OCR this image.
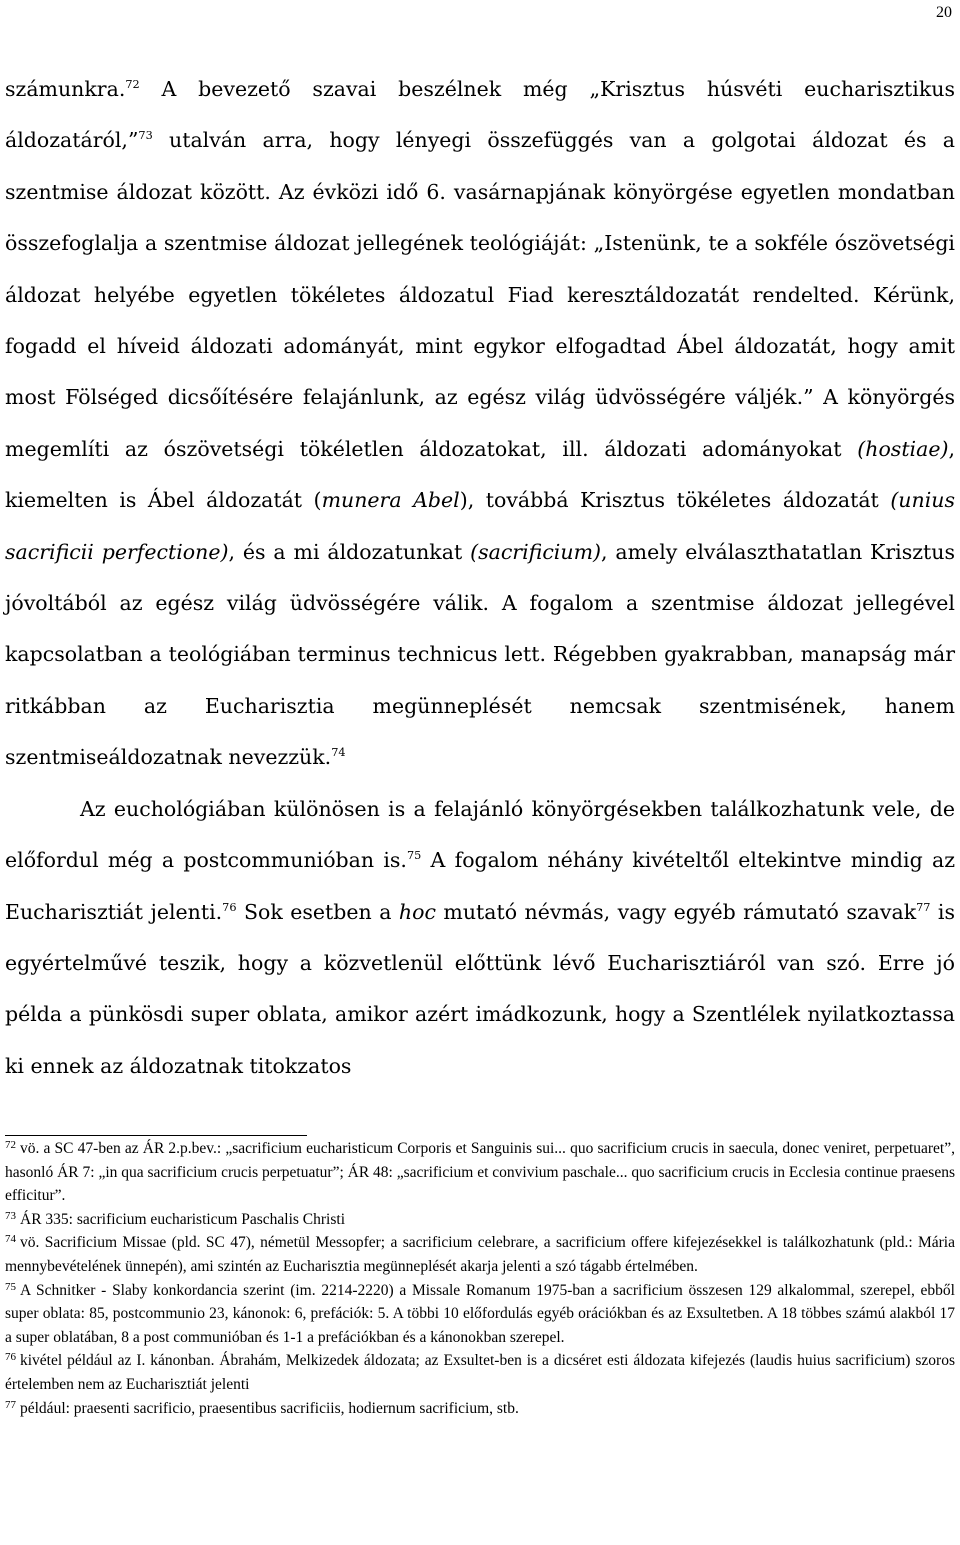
20

számunkra.$^{72}$ A bevezető szavai beszélnek még „Krisztus húsvéti eucharisztikus áldozatáról,”$^{73}$ utalván arra, hogy lényegi összefüggés van a golgotai áldozat és a szentmise áldozat között. Az évközi idő 6. vasárnapjának könyörgése egyetlen mondatban összefoglalja a szentmise áldozat jellegének teológiáját: „Istenünk, te a sokféle ószövetségi áldozat helyébe egyetlen tökéletes áldozatul Fiad keresztáldozatát rendelted. Kérünk, fogadd el híveid áldozati adományát, mint egykor elfogadtad Ábel áldozatát, hogy amit most Fölséged dicsőítésére felajánlunk, az egész világ üdvösségére váljék.” A könyörgés megemlíti az ószövetségi tökéletlen áldozatokat, ill. áldozati adományokat (hostiae), kiemelten is Ábel áldozatát (munera Abel), továbbá Krisztus tökéletes áldozatát (unius sacrificii perfectione), és a mi áldozatunkat (sacrificium), amely elválaszthatatlan Krisztus jóvoltából az egész világ üdvösségére válik. A fogalom a szentmise áldozat jellegével kapcsolatban a teológiában terminus technicus lett. Régebben gyakrabban, manapság már ritkábban az Eucharisztia megünneplését nemcsak szentmisének, hanem szentmiseáldozatnak nevezzük.$^{74}$

Az euchológiában különösen is a felajánló könyörgésekben találkozhatunk vele, de előfordul még a postcommunióban is.$^{75}$ A fogalom néhány kivételtől eltekintve mindig az Eucharisztiát jelenti.$^{76}$ Sok esetben a hoc mutató névmás, vagy egyéb rámutató szavak$^{77}$ is egyértelművé teszik, hogy a közvetlenül előttünk lévő Eucharisztiáról van szó. Erre jó példa a pünkösdi super oblata, amikor azért imádkozunk, hogy a Szentlélek nyilatkoztassa ki ennek az áldozatnak titokzatos

$^{72}$ vö. a SC 47-ben az ÁR 2.p.bev.: „sacrificium eucharisticum Corporis et Sanguinis sui... quo sacrificium crucis in saecula, donec veniret, perpetuaret”, hasonló ÁR 7: „in qua sacrificium crucis perpetuatur”; ÁR 48: „sacrificium et convivium paschale... quo sacrificium crucis in Ecclesia continue praesens efficitur”.

$^{73}$ ÁR 335: sacrificium eucharisticum Paschalis Christi

$^{74}$ vö. Sacrificium Missae (pld. SC 47), németül Messopfer; a sacrificium celebrare, a sacrificium offere kifejezésekkel is találkozhatunk (pld.: Mária mennybevételének ünnepén), ami szintén az Eucharisztia megünneplését akarja jelenti a szó tágabb értelmében.

$^{75}$ A Schnitker - Slaby konkordancia szerint (im. 2214-2220) a Missale Romanum 1975-ban a sacrificium összesen 129 alkalommal, szerepel, ebből super oblata: 85, postcommunio 23, kánonok: 6, prefációk: 5. A többi 10 előfordulás egyéb orációkban és az Exsultetben. A 18 többes számú alakból 17 a super oblatában, 8 a post communióban és 1-1 a prefációkban és a kánonokban szerepel.

$^{76}$ kivétel például az I. kánonban. Ábrahám, Melkizedek áldozata; az Exsultet-ben is a dicséret esti áldozata kifejezés (laudis huius sacrificium) szoros értelemben nem az Eucharisztiát jelenti

$^{77}$ például: praesenti sacrificio, praesentibus sacrificiis, hodiernum sacrificium, stb.
